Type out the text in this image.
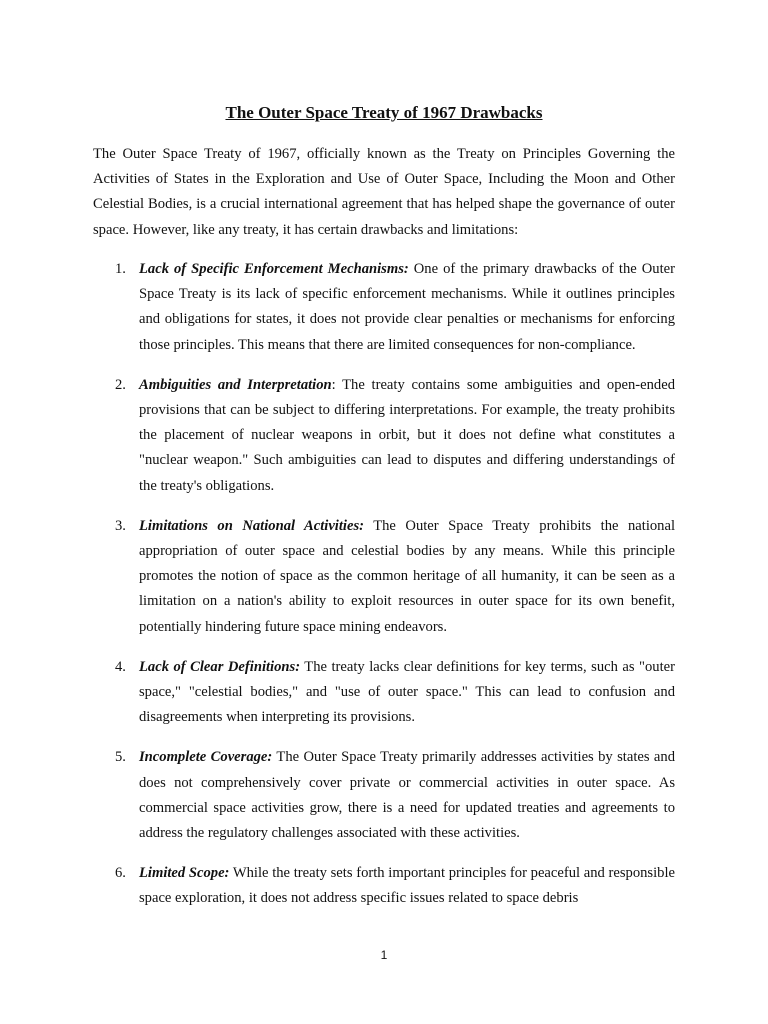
The Outer Space Treaty of 1967 Drawbacks

The Outer Space Treaty of 1967, officially known as the Treaty on Principles Governing the Activities of States in the Exploration and Use of Outer Space, Including the Moon and Other Celestial Bodies, is a crucial international agreement that has helped shape the governance of outer space. However, like any treaty, it has certain drawbacks and limitations:

1. Lack of Specific Enforcement Mechanisms: One of the primary drawbacks of the Outer Space Treaty is its lack of specific enforcement mechanisms. While it outlines principles and obligations for states, it does not provide clear penalties or mechanisms for enforcing those principles. This means that there are limited consequences for non-compliance.

2. Ambiguities and Interpretation: The treaty contains some ambiguities and open-ended provisions that can be subject to differing interpretations. For example, the treaty prohibits the placement of nuclear weapons in orbit, but it does not define what constitutes a "nuclear weapon." Such ambiguities can lead to disputes and differing understandings of the treaty's obligations.

3. Limitations on National Activities: The Outer Space Treaty prohibits the national appropriation of outer space and celestial bodies by any means. While this principle promotes the notion of space as the common heritage of all humanity, it can be seen as a limitation on a nation's ability to exploit resources in outer space for its own benefit, potentially hindering future space mining endeavors.

4. Lack of Clear Definitions: The treaty lacks clear definitions for key terms, such as "outer space," "celestial bodies," and "use of outer space." This can lead to confusion and disagreements when interpreting its provisions.

5. Incomplete Coverage: The Outer Space Treaty primarily addresses activities by states and does not comprehensively cover private or commercial activities in outer space. As commercial space activities grow, there is a need for updated treaties and agreements to address the regulatory challenges associated with these activities.

6. Limited Scope: While the treaty sets forth important principles for peaceful and responsible space exploration, it does not address specific issues related to space debris

1
